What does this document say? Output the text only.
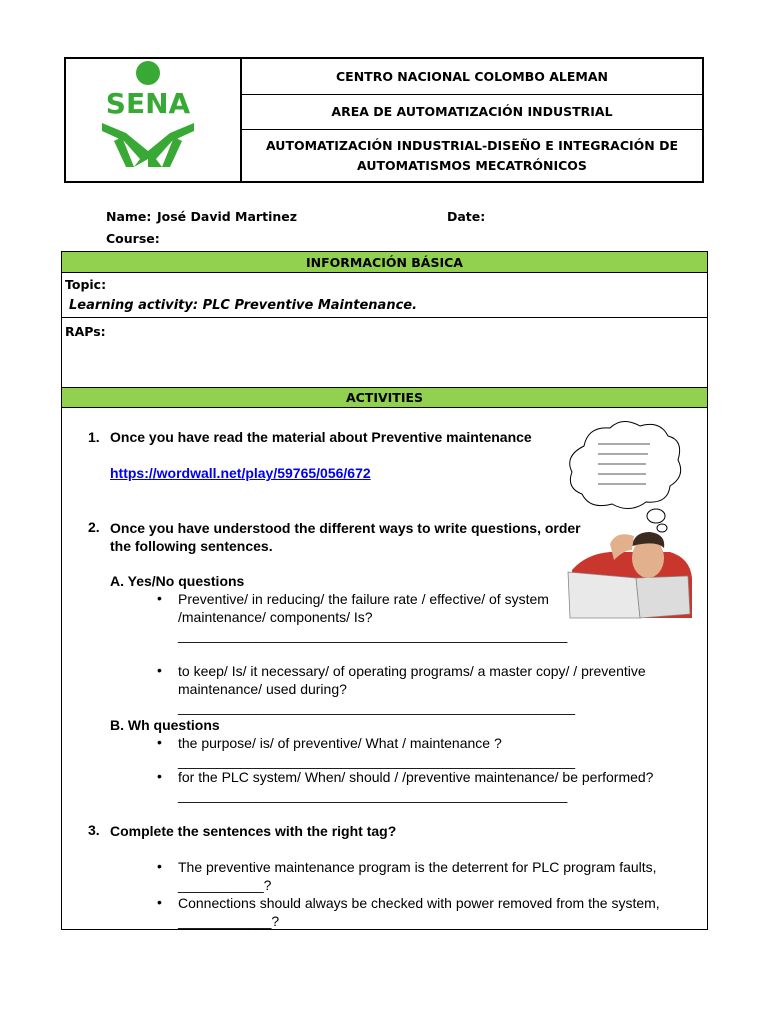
SENA
CENTRO NACIONAL COLOMBO ALEMAN
AREA DE AUTOMATIZACIÓN INDUSTRIAL
AUTOMATIZACIÓN INDUSTRIAL-DISEÑO E INTEGRACIÓN DE AUTOMATISMOS MECATRÓNICOS
Name: José David Martinez	Date:
Course:
INFORMACIÓN BÁSICA
Topic:
Learning activity: PLC Preventive Maintenance.
RAPs:
ACTIVITIES
1. Once you have read the material about Preventive maintenance
https://wordwall.net/play/59765/056/672
2. Once you have understood the different ways to write questions, order
the following sentences.
A. Yes/No questions
• Preventive/ in reducing/ the failure rate / effective/ of system
/maintenance/ components/ Is?
__________________________________________________
• to keep/ Is/ it necessary/ of operating programs/ a master copy/ / preventive
maintenance/ used during?
___________________________________________________
B. Wh questions
• the purpose/ is/ of preventive/ What / maintenance ?
___________________________________________________
• for the PLC system/ When/ should / /preventive maintenance/ be performed?
__________________________________________________
3. Complete the sentences with the right tag?
• The preventive maintenance program is the deterrent for PLC program faults,
___________?
• Connections should always be checked with power removed from the system,
____________?
